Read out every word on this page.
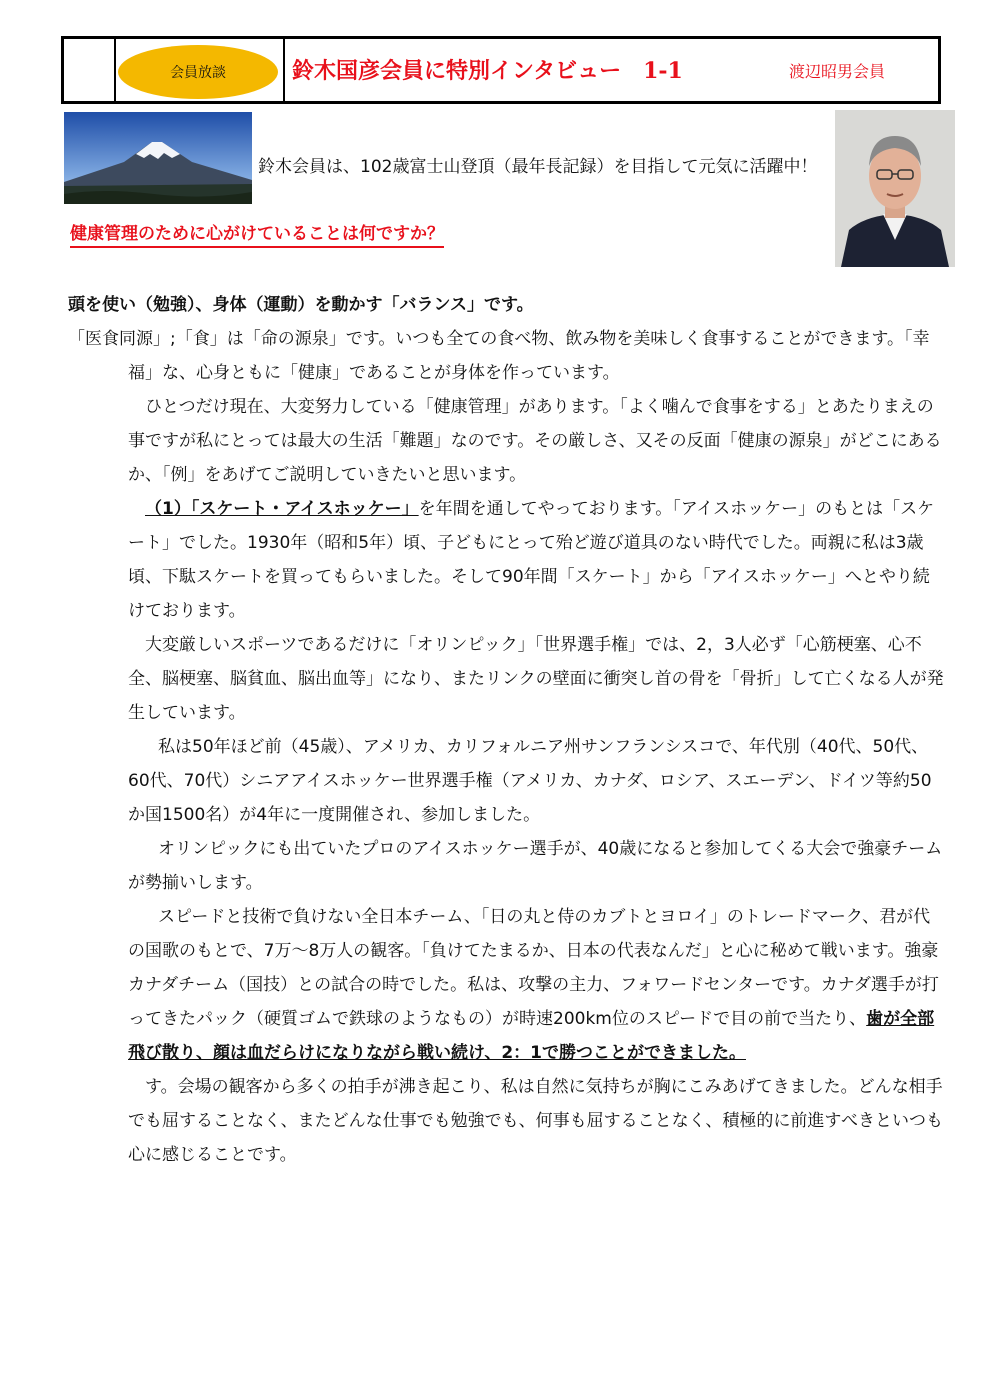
会員放談	鈴木国彦会員に特別インタビュー　1-1	渡辺昭男会員
鈴木会員は、102歳富士山登頂（最年長記録）を目指して元気に活躍中！
健康管理のために心がけていることは何ですか？

頭を使い（勉強）、身体（運動）を動かす「バランス」です。

「医食同源」;「食」は「命の源泉」です。いつも全ての食べ物、飲み物を美味しく食事することができます。「幸福」な、心身ともに「健康」であることが身体を作っています。

ひとつだけ現在、大変努力している「健康管理」があります。「よく噛んで食事をする」とあたりまえの事ですが私にとっては最大の生活「難題」なのです。その厳しさ、又その反面「健康の源泉」がどこにあるか、「例」をあげてご説明していきたいと思います。

（1）「スケート・アイスホッケー」を年間を通してやっております。「アイスホッケー」のもとは「スケート」でした。1930年（昭和5年）頃、子どもにとって殆ど遊び道具のない時代でした。両親に私は3歳頃、下駄スケートを買ってもらいました。そして90年間「スケート」から「アイスホッケー」へとやり続けております。

大変厳しいスポーツであるだけに「オリンピック」「世界選手権」では、2，3人必ず「心筋梗塞、心不全、脳梗塞、脳貧血、脳出血等」になり、またリンクの壁面に衝突し首の骨を「骨折」して亡くなる人が発生しています。

私は50年ほど前（45歳）、アメリカ、カリフォルニア州サンフランシスコで、年代別（40代、50代、60代、70代）シニアアイスホッケー世界選手権（アメリカ、カナダ、ロシア、スエーデン、ドイツ等約50か国1500名）が4年に一度開催され、参加しました。

オリンピックにも出ていたプロのアイスホッケー選手が、40歳になると参加してくる大会で強豪チームが勢揃いします。

スピードと技術で負けない全日本チーム、「日の丸と侍のカブトとヨロイ」のトレードマーク、君が代の国歌のもとで、7万～8万人の観客。「負けてたまるか、日本の代表なんだ」と心に秘めて戦います。強豪カナダチーム（国技）との試合の時でした。私は、攻撃の主力、フォワードセンターです。カナダ選手が打ってきたパック（硬質ゴムで鉄球のようなもの）が時速200km位のスピードで目の前で当たり、歯が全部飛び散り、顔は血だらけになりながら戦い続け、2：1で勝つことができました。

す。会場の観客から多くの拍手が沸き起こり、私は自然に気持ちが胸にこみあげてきました。どんな相手でも屈することなく、またどんな仕事でも勉強でも、何事も屈することなく、積極的に前進すべきといつも心に感じることです。
